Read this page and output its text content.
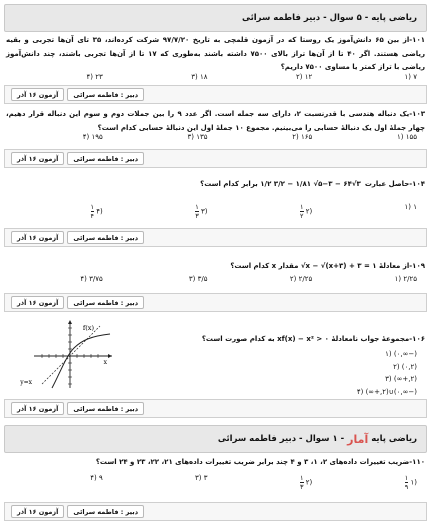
ریاضی پایه - ۵ سوال - دبیر فاطمه سرائی
۱۰۱-از بین ۶۵ دانش‌آموز یک روستا که در آزمون قلمچی به تاریخ ۹۷/۷/۲۰ شرکت کرده‌اند، ۳۵ تای آن‌ها تجربی و بقیه ریاضی هستند. اگر ۴۰ تا از آن‌ها تراز بالای ۷۵۰۰ داشته باشند به‌طوری که ۱۷ تا از آن‌ها تجربی باشند، چند دانش‌آموز ریاضی با تراز کمتر یا مساوی ۷۵۰۰ داریم؟
۷ (۱
۱۲ (۲
۱۸ (۳
۲۳ (۴
آزمون ۱۶ آذر	دبیر : فاطمه سرائی
۱۰۳-یک دنباله هندسی با قدرنسبت ۲، دارای سه جمله است. اگر عدد ۹ را بین جملات دوم و سوم این دنباله قرار دهیم، چهار جملهٔ اول یک دنبالهٔ حسابی را می‌بینیم. مجموع ۱۰ جملهٔ اول این دنبالهٔ حسابی کدام است؟
۱۵۵ (۱
۱۶۵ (۲
۱۳۵ (۳
۱۹۵ (۴
آزمون ۱۶ آذر	دبیر : فاطمه سرائی
۱۰۴-حاصل عبارت
۳√۶۴ − ۵−۳√ ۱/۸۱ − ۳/۲ ۱/۲ برابر کدام است؟
۱ (۱
(۲
$\frac{۱}{۲}$
(۳
$\frac{۱}{۳}$
(۴
$\frac{۱}{۴}$
آزمون ۱۶ آذر	دبیر : فاطمه سرائی
۱۰۹-از معادلهٔ ۱ = ۳ + ‎√x − ‎√(x+۳) مقدار x کدام است؟
۲/۲۵ (۱
۲/۲۵ (۲
۳/۵ (۳
۳/۷۵ (۴
آزمون ۱۶ آذر	دبیر : فاطمه سرائی
۱۰۶-مجموعهٔ جواب نامعادلهٔ ۰ < xf(x) − x² به کدام صورت است؟
(−∞,۰) (۱
(۰,۲) (۲
(۲,+∞) (۳
(−∞,۰)∪(۲,+∞) (۴
f(x)
y=x
x
آزمون ۱۶ آذر	دبیر : فاطمه سرائی
ریاضی پایه
آمار
- ۱ سوال - دبیر فاطمه سرائی
۱۱۰-ضریب تغییرات داده‌های ۲، ۱، ۳ و ۴ چند برابر ضریب تغییرات داده‌های ۲۱، ۲۲، ۲۳ و ۲۴ است؟
(۱
$\frac{۱}{۹}$
(۲
$\frac{۱}{۳}$
۳ (۳
۹ (۴
آزمون ۱۶ آذر	دبیر : فاطمه سرائی
